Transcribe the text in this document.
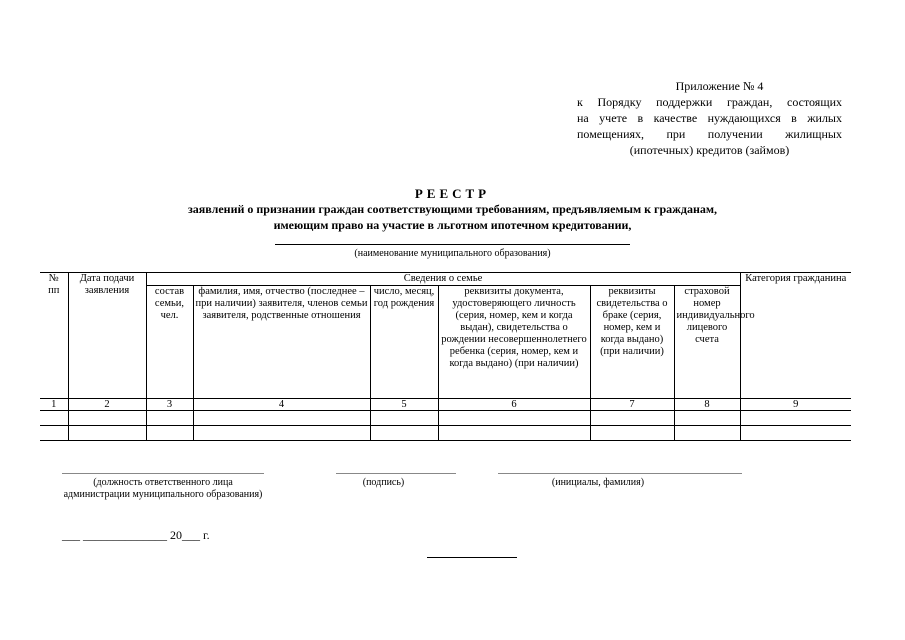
Приложение № 4
к Порядку поддержки граждан, состоящих
на учете в качестве нуждающихся в жилых
помещениях, при получении жилищных
(ипотечных) кредитов (займов)
РЕЕСТР
заявлений о признании граждан соответствующими требованиям, предъявляемым к гражданам,
имеющим право на участие в льготном ипотечном кредитовании,
(наименование муниципального образования)
№ пп	Дата подачи заявления	Сведения о семье						Категория гражданина
		состав семьи, чел.	фамилия, имя, отчество (последнее – при наличии) заявителя, членов семьи заявителя, родственные отношения	число, месяц, год рождения	реквизиты документа, удостоверяющего личность (серия, номер, кем и когда выдан), свидетельства о рождении несовершеннолетнего ребенка (серия, номер, кем и когда выдано) (при наличии)	реквизиты свидетельства о браке (серия, номер, кем и когда выдано) (при наличии)	страховой номер индивидуального лицевого счета	
1	2	3	4	5	6	7	8	9

(должность ответственного лица администрации муниципального образования)
(подпись)	(инициалы, фамилия)
___ ______________ 20___ г.
